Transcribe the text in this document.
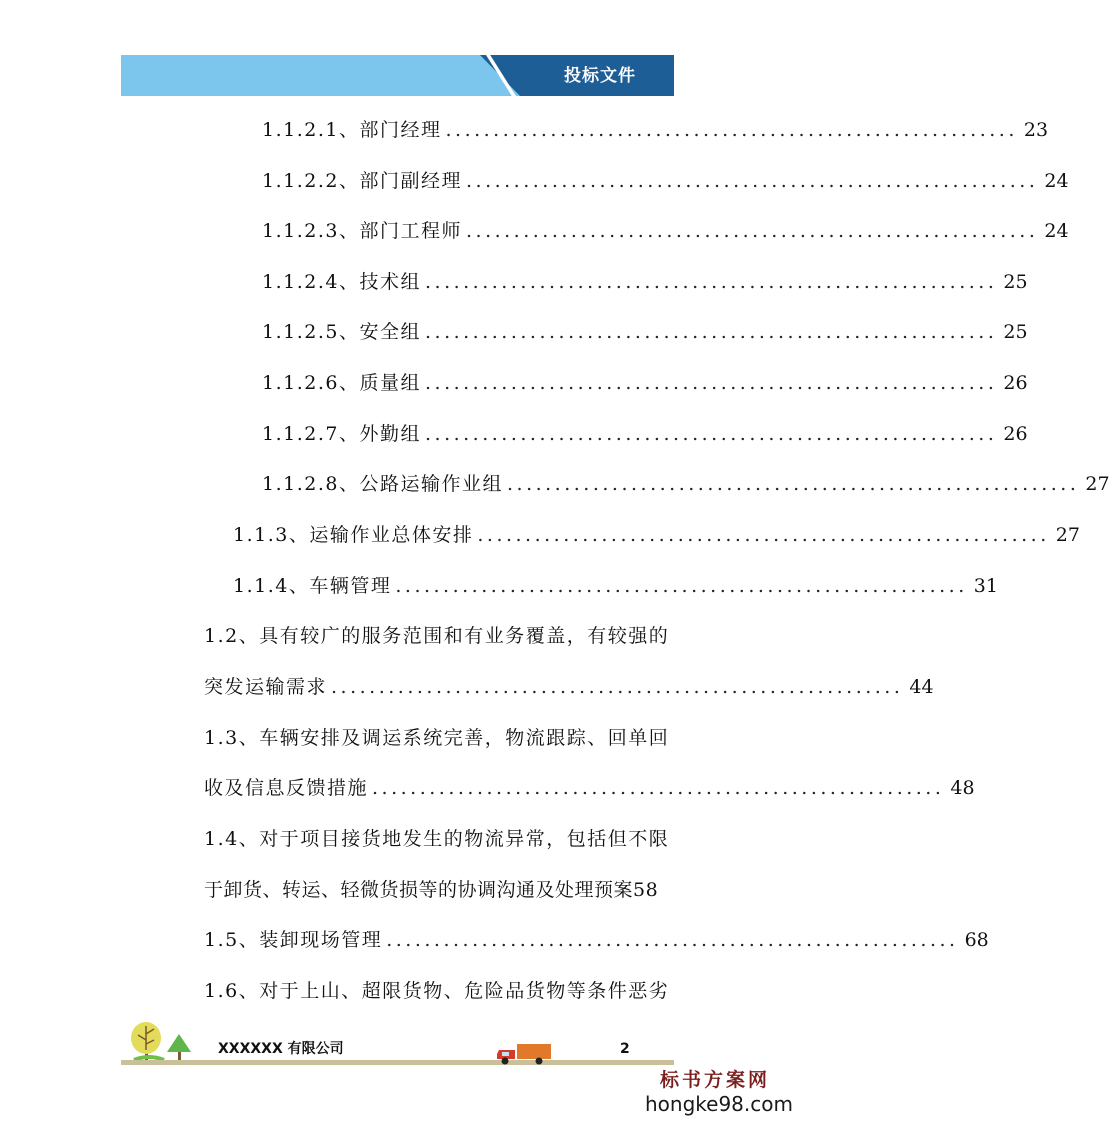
投标文件
1.1.2.1、部门经理 ............................................................ 23
1.1.2.2、部门副经理 ............................................................ 24
1.1.2.3、部门工程师 ............................................................ 24
1.1.2.4、技术组 ............................................................ 25
1.1.2.5、安全组 ............................................................ 25
1.1.2.6、质量组 ............................................................ 26
1.1.2.7、外勤组 ............................................................ 26
1.1.2.8、公路运输作业组 ............................................................ 27
1.1.3、运输作业总体安排 ............................................................ 27
1.1.4、车辆管理 ............................................................ 31
1.2、具有较广的服务范围和有业务覆盖，有较强的
突发运输需求 ............................................................ 44
1.3、车辆安排及调运系统完善，物流跟踪、回单回
收及信息反馈措施 ............................................................ 48
1.4、对于项目接货地发生的物流异常，包括但不限
于卸货、转运、轻微货损等的协调沟通及处理预案58
1.5、装卸现场管理 ............................................................ 68
1.6、对于上山、超限货物、危险品货物等条件恶劣
XXXXXX 有限公司	2
标书方案网
hongke98.com
